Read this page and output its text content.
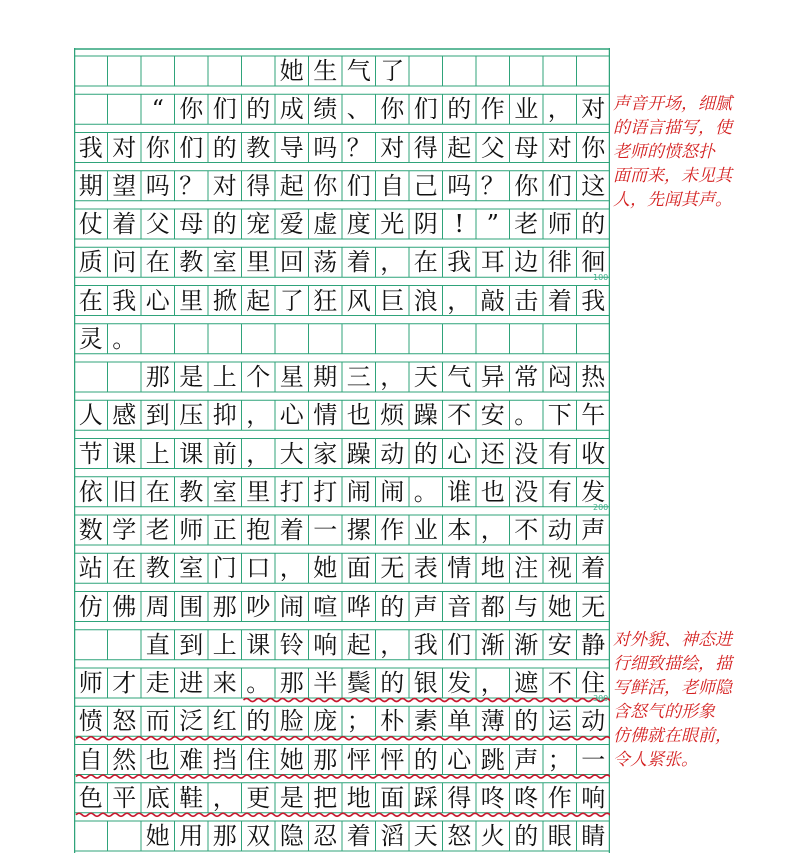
她 生 气 了
“ 你 们 的 成 绩 、 你 们 的 作 业 ， 对
我 对 你 们 的 教 导 吗 ？ 对 得 起 父 母 对 你
期 望 吗 ？ 对 得 起 你 们 自 己 吗 ？ 你 们 这
仗 着 父 母 的 宠 爱 虚 度 光 阴 ! ” 老 师 的
质 问 在 教 室 里 回 荡 着 ， 在 我 耳 边 徘 徊
在 我 心 里 掀 起 了 狂 风 巨 浪 ， 敲 击 着 我
灵 。
那 是 上 个 星 期 三 ， 天 气 异 常 闷 热
人 感 到 压 抑 ， 心 情 也 烦 躁 不 安 。 下 午
节 课 上 课 前 ， 大 家 躁 动 的 心 还 没 有 收
依 旧 在 教 室 里 打 打 闹 闹 。 谁 也 没 有 发
数 学 老 师 正 抱 着 一 摞 作 业 本 ， 不 动 声
站 在 教 室 门 口 ， 她 面 无 表 情 地 注 视 着
仿 佛 周 围 那 吵 闹 喧 哗 的 声 音 都 与 她 无
直 到 上 课 铃 响 起 ， 我 们 渐 渐 安 静
师 才 走 进 来 。 那 半 鬓 的 银 发 ， 遮 不 住
愤 怒 而 泛 红 的 脸 庞 ； 朴 素 单 薄 的 运 动
自 然 也 难 挡 住 她 那 怦 怦 的 心 跳 声 ； 一
色 平 底 鞋 ， 更 是 把 地 面 踩 得 咚 咚 作 响
她 用 那 双 隐 忍 着 滔 天 怒 火 的 眼 睛
100
200
300
声音开场，细腻
的语言描写，使
老师的愤怒扑
面而来，未见其
人，先闻其声。
对外貌、神态进
行细致描绘，描
写鲜活，老师隐
含怒气的形象
仿佛就在眼前，
令人紧张。
